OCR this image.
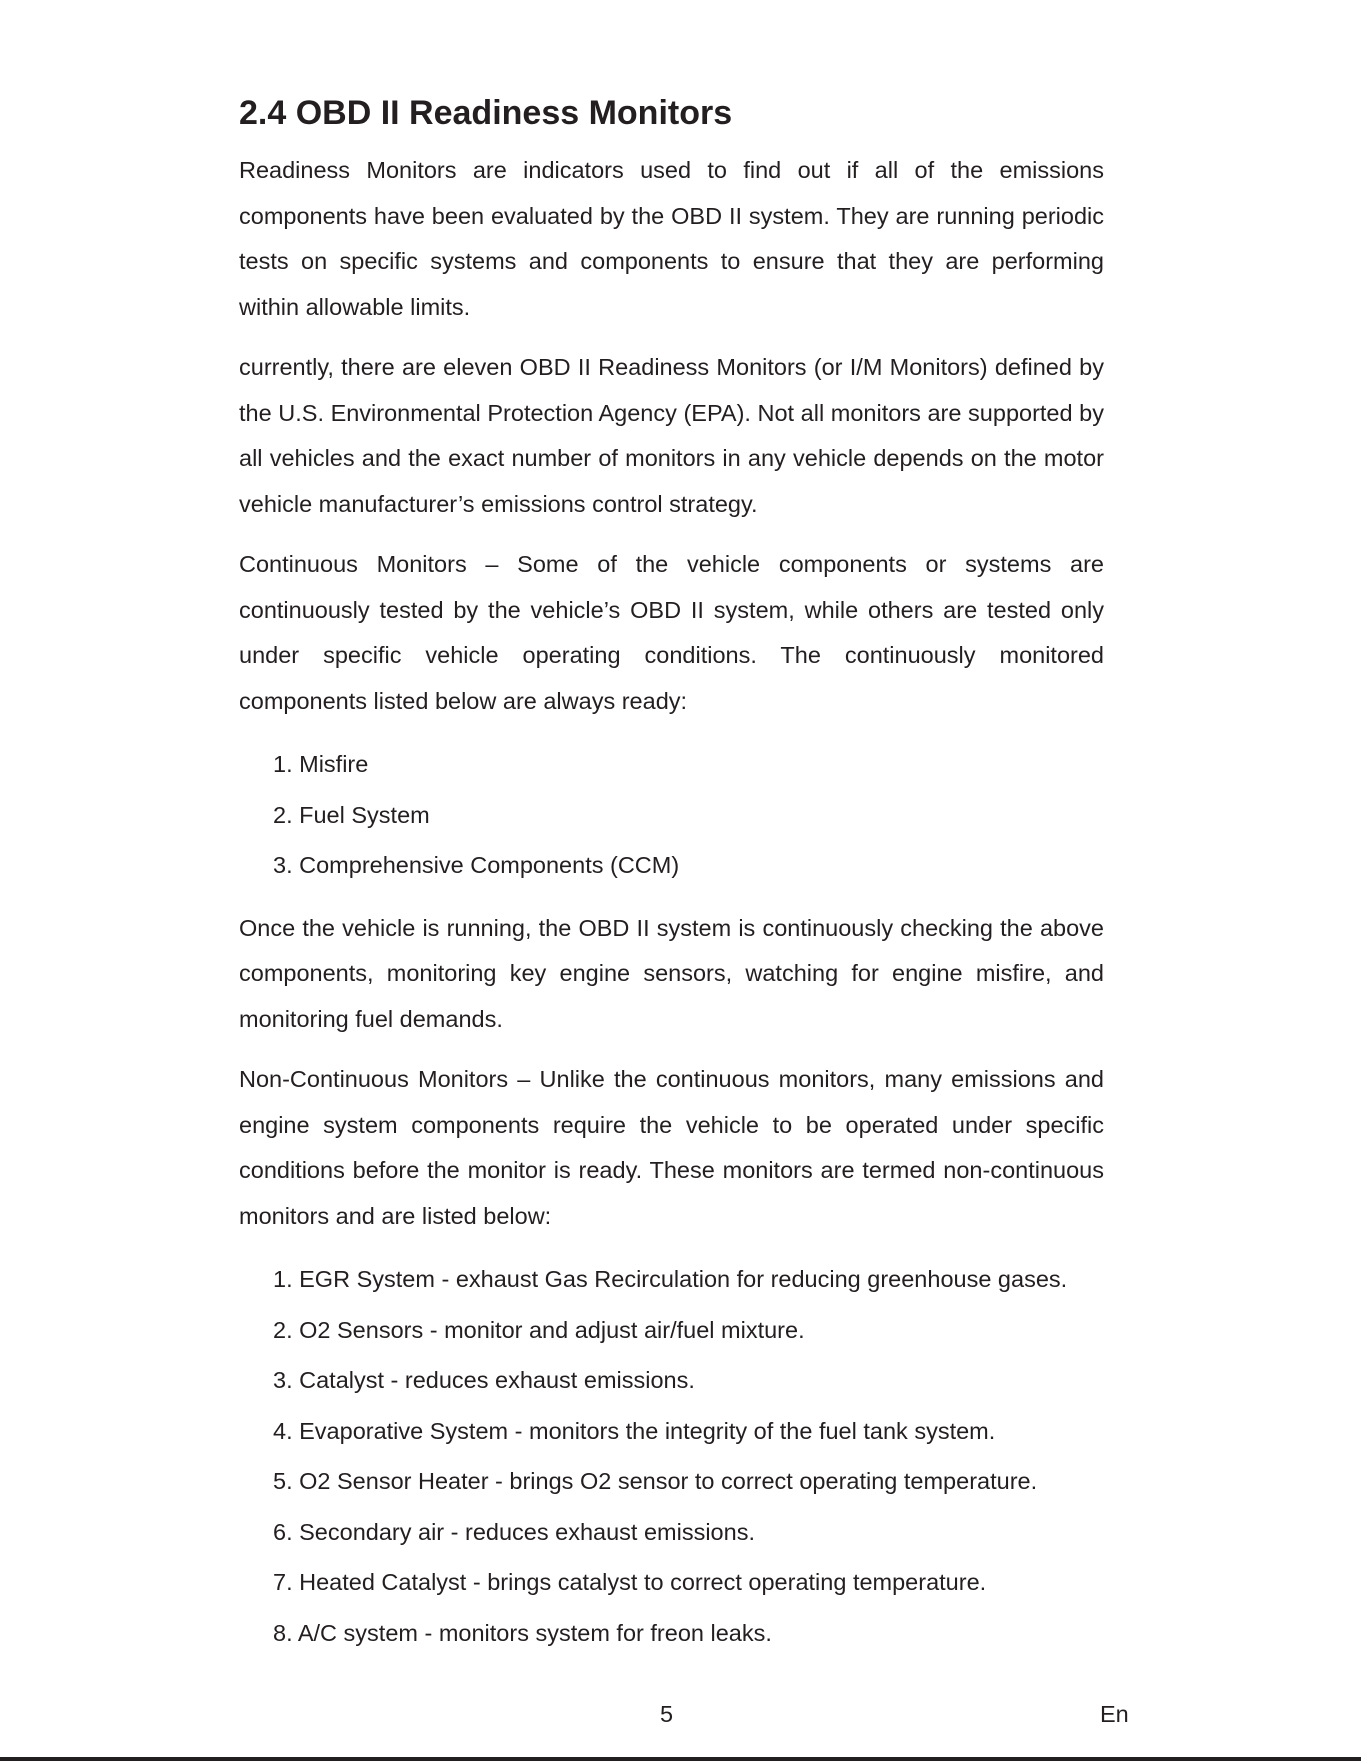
2.4 OBD II Readiness Monitors

Readiness Monitors are indicators used to find out if all of the emissions components have been evaluated by the OBD II system. They are running periodic tests on specific systems and components to ensure that they are performing within allowable limits.

currently, there are eleven OBD II Readiness Monitors (or I/M Monitors) defined by the U.S. Environmental Protection Agency (EPA). Not all monitors are supported by all vehicles and the exact number of monitors in any vehicle depends on the motor vehicle manufacturer’s emissions control strategy.

Continuous Monitors – Some of the vehicle components or systems are continuously tested by the vehicle’s OBD II system, while others are tested only under specific vehicle operating conditions. The continuously monitored components listed below are always ready:

1. Misfire
2. Fuel System
3. Comprehensive Components (CCM)

Once the vehicle is running, the OBD II system is continuously checking the above components, monitoring key engine sensors, watching for engine misfire, and monitoring fuel demands.

Non-Continuous Monitors – Unlike the continuous monitors, many emissions and engine system components require the vehicle to be operated under specific conditions before the monitor is ready. These monitors are termed non-continuous monitors and are listed below:

1. EGR System - exhaust Gas Recirculation for reducing greenhouse gases.
2. O2 Sensors - monitor and adjust air/fuel mixture.
3. Catalyst - reduces exhaust emissions.
4. Evaporative System - monitors the integrity of the fuel tank system.
5. O2 Sensor Heater - brings O2 sensor to correct operating temperature.
6. Secondary air - reduces exhaust emissions.
7. Heated Catalyst - brings catalyst to correct operating temperature.
8. A/C system - monitors system for freon leaks.
5	En
